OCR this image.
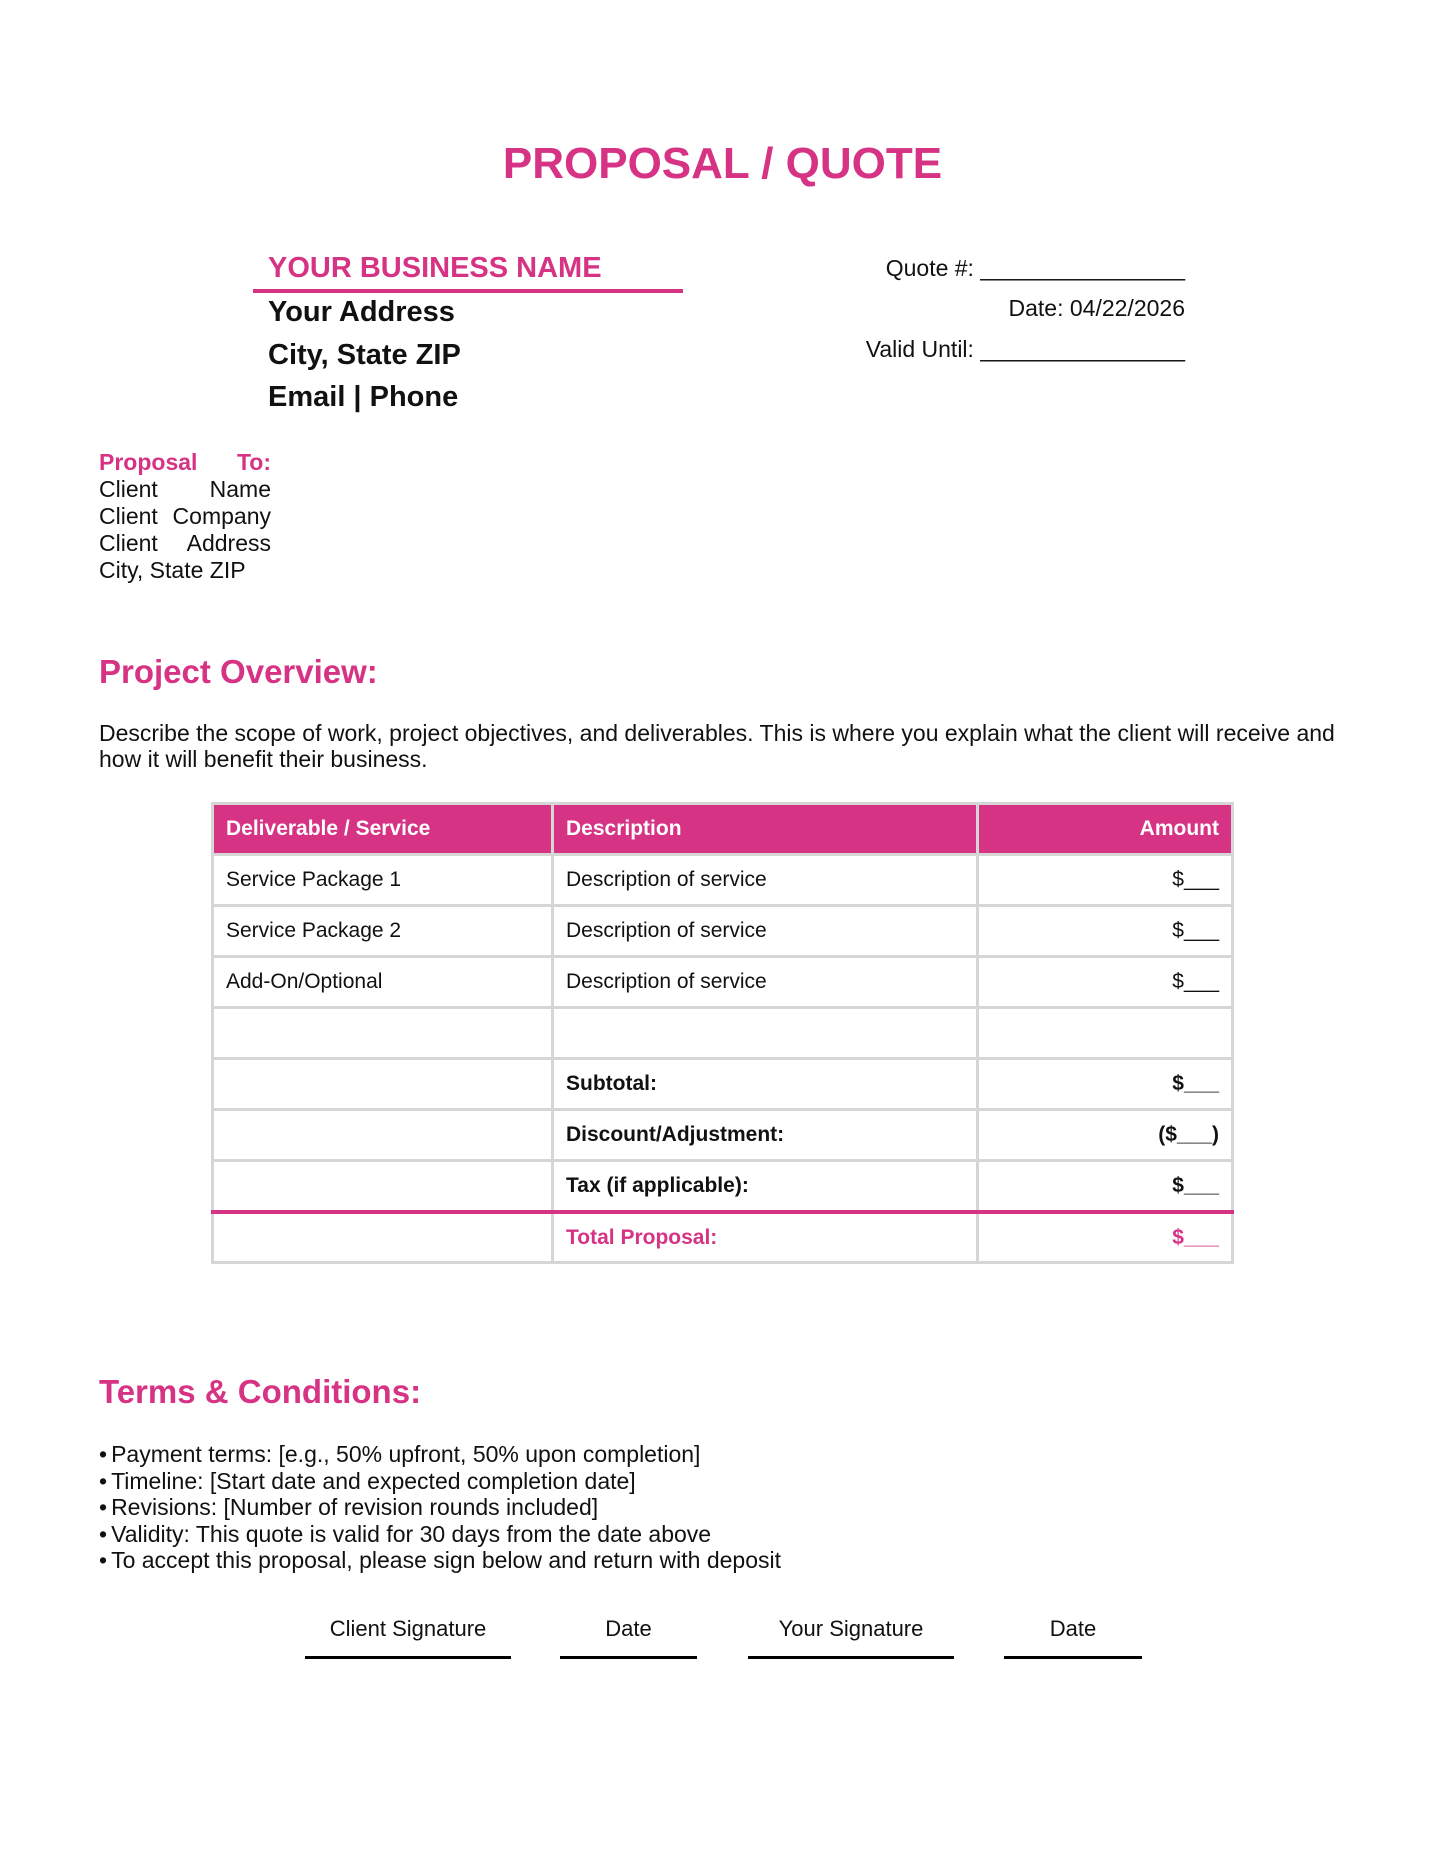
PROPOSAL / QUOTE
YOUR BUSINESS NAME
Your Address
City, State ZIP
Email | Phone
Quote #: ________________
Date: 04/22/2026
Valid Until: ________________
Proposal To:
Client Name
Client Company
Client Address
City, State ZIP
Project Overview:
Describe the scope of work, project objectives, and deliverables. This is where you explain what the client will receive and how it will benefit their business.
Deliverable / Service	Description	Amount
Service Package 1	Description of service	$___
Service Package 2	Description of service	$___
Add-On/Optional	Description of service	$___

	Subtotal:	$___
	Discount/Adjustment:	($___)
	Tax (if applicable):	$___
	Total Proposal:	$___
Terms & Conditions:
• Payment terms: [e.g., 50% upfront, 50% upon completion]
• Timeline: [Start date and expected completion date]
• Revisions: [Number of revision rounds included]
• Validity: This quote is valid for 30 days from the date above
• To accept this proposal, please sign below and return with deposit
Client Signature	Date	Your Signature	Date
